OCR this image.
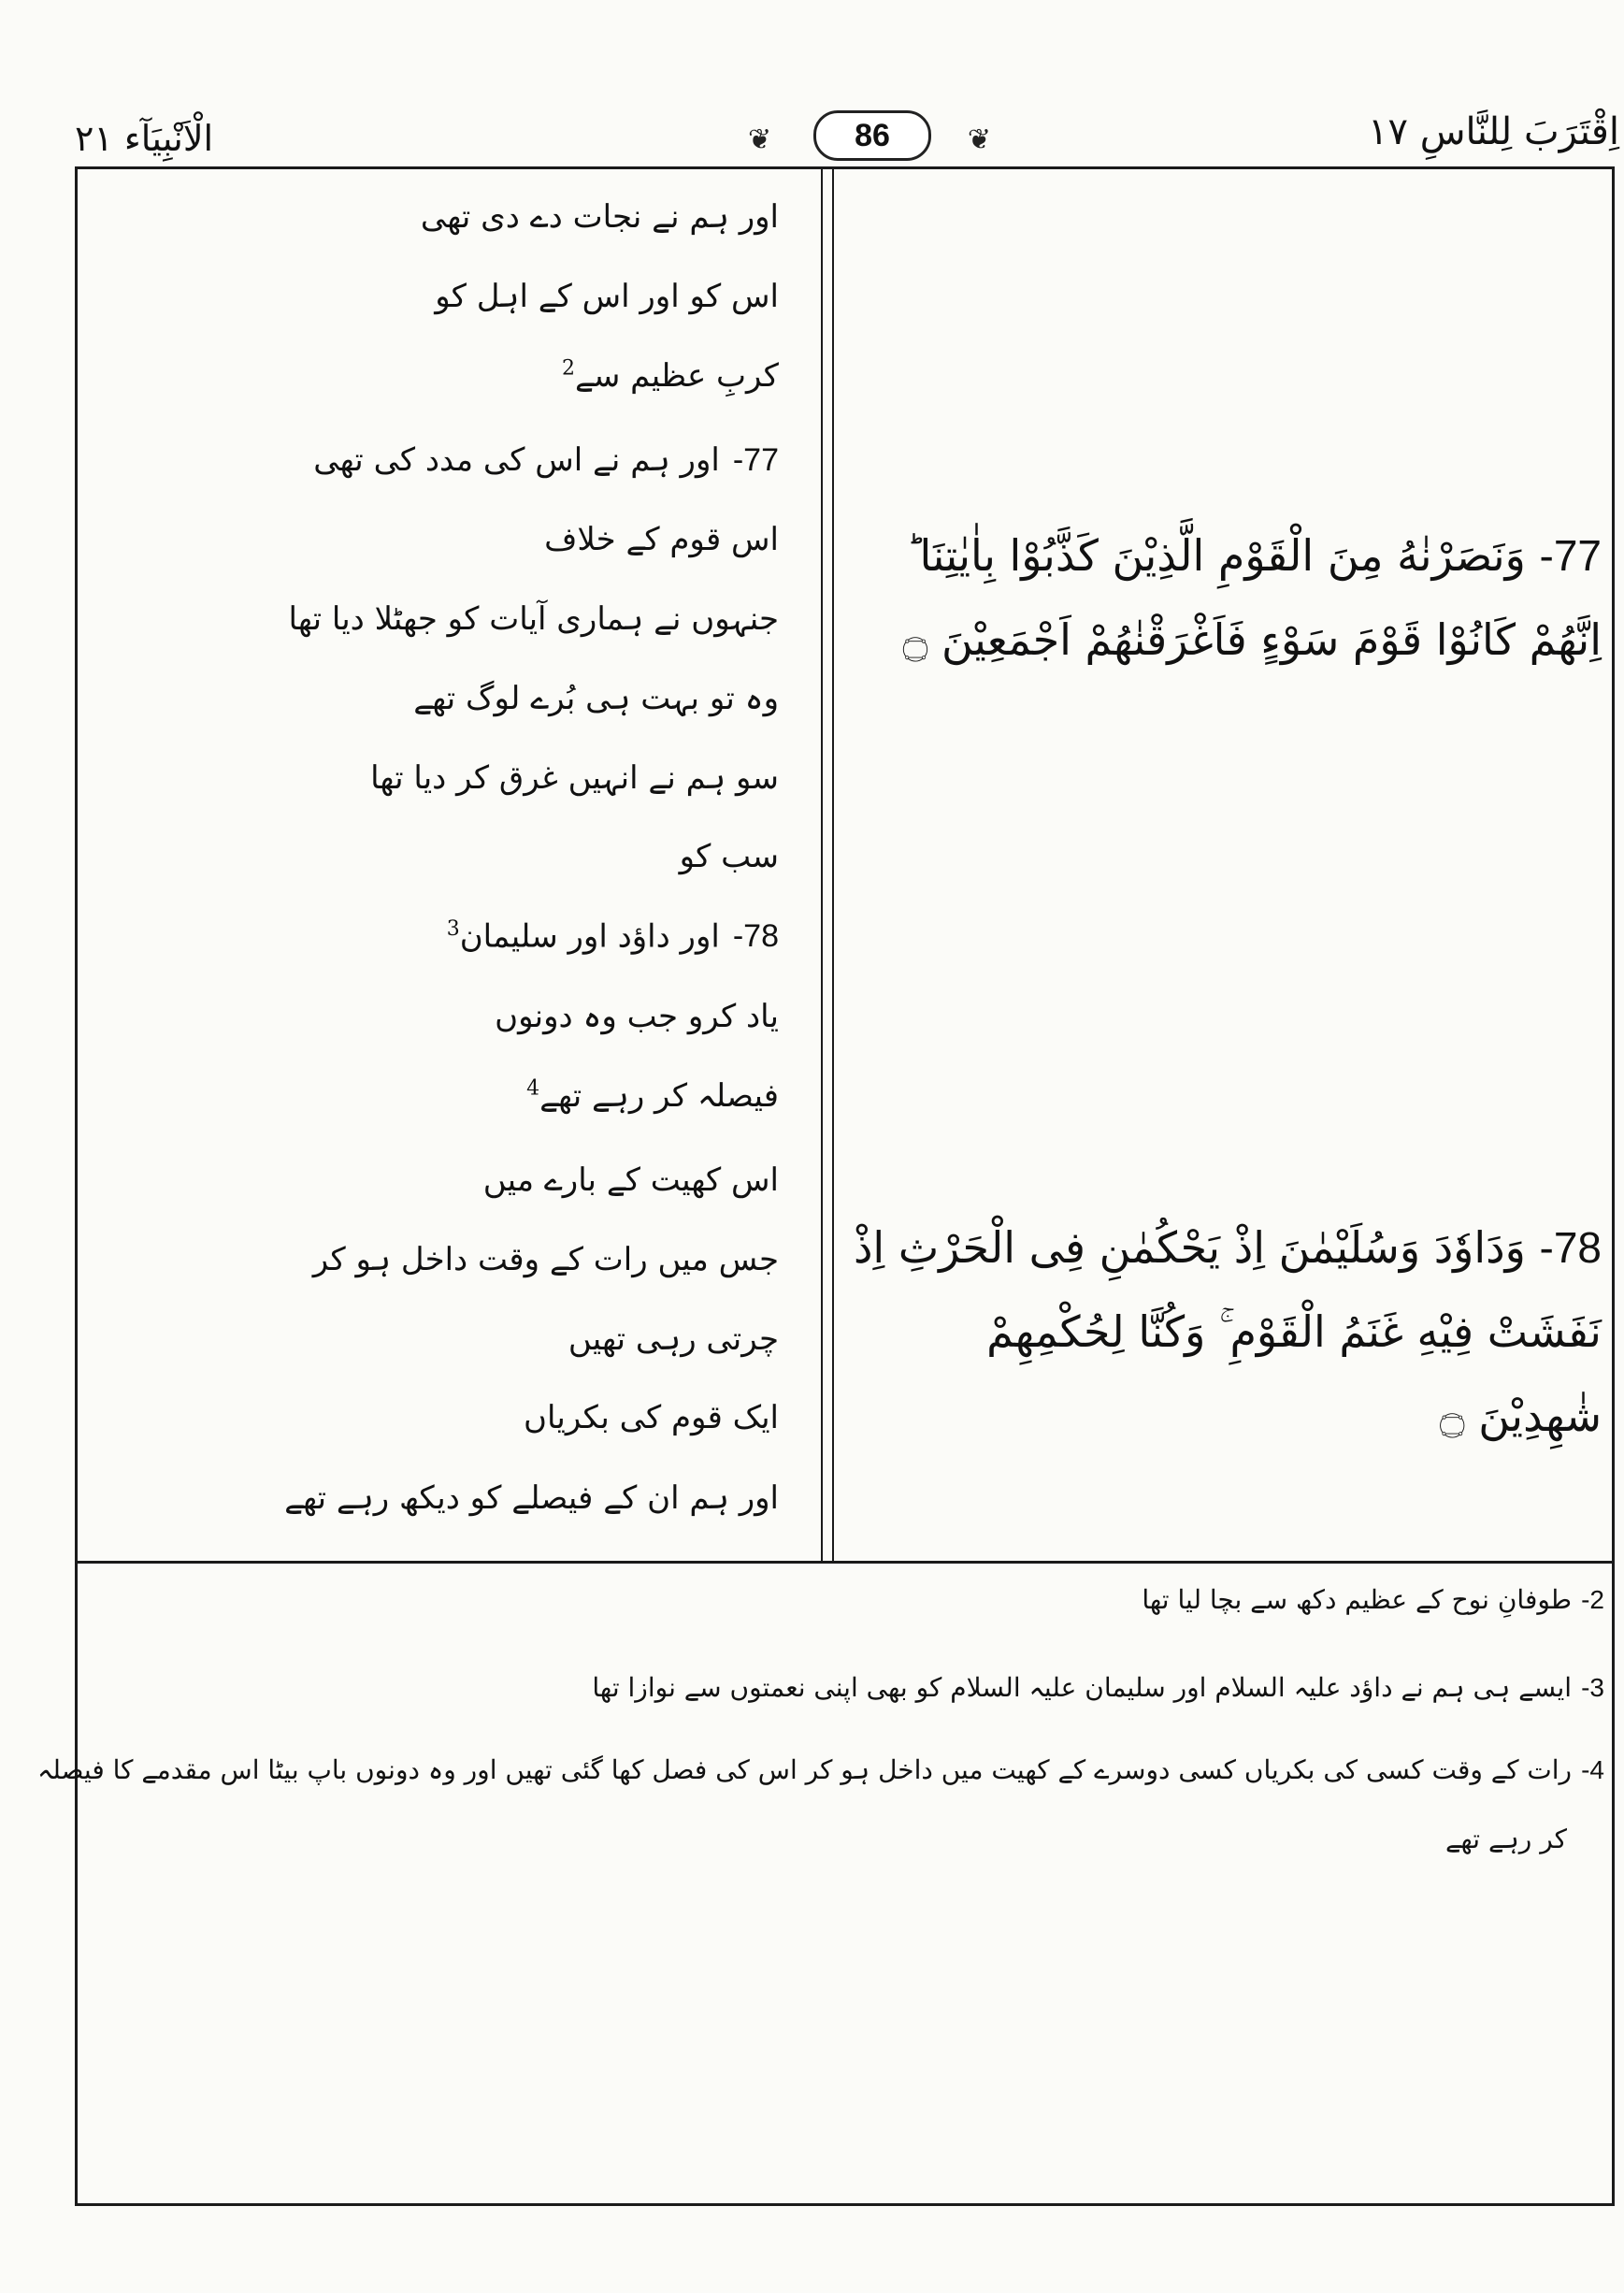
اِقْتَرَبَ لِلنَّاسِ ۱۷
❦	86	❦
الْاَنْبِيَآء ۲۱
77- وَنَصَرْنٰهُ مِنَ الْقَوْمِ الَّذِيْنَ كَذَّبُوْا بِاٰيٰتِنَا ؕ
اِنَّهُمْ كَانُوْا قَوْمَ سَوْءٍ فَاَغْرَقْنٰهُمْ اَجْمَعِيْنَ ۝
78- وَدَاوٗدَ وَسُلَيْمٰنَ اِذْ يَحْكُمٰنِ فِى الْحَرْثِ اِذْ
نَفَشَتْ فِيْهِ غَنَمُ الْقَوْمِ ۚ وَكُنَّا لِحُكْمِهِمْ
شٰهِدِيْنَ ۝
اور ہم نے نجات دے دی تھی
اس کو اور اس کے اہل کو
کربِ عظیم سے$^2$
77-اور ہم نے اس کی مدد کی تھی
اس قوم کے خلاف
جنہوں نے ہماری آیات کو جھٹلا دیا تھا
وہ تو بہت ہی بُرے لوگ تھے
سو ہم نے انہیں غرق کر دیا تھا
سب کو
78-اور داؤد اور سلیمان$^3$
یاد کرو جب وہ دونوں
فیصلہ کر رہے تھے$^4$
اس کھیت کے بارے میں
جس میں رات کے وقت داخل ہو کر
چرتی رہی تھیں
ایک قوم کی بکریاں
اور ہم ان کے فیصلے کو دیکھ رہے تھے
2-طوفانِ نوح کے عظیم دکھ سے بچا لیا تھا
3-ایسے ہی ہم نے داؤد علیہ السلام اور سلیمان علیہ السلام کو بھی اپنی نعمتوں سے نوازا تھا
4-رات کے وقت کسی کی بکریاں کسی دوسرے کے کھیت میں داخل ہو کر اس کی فصل کھا گئی تھیں اور وہ دونوں باپ بیٹا اس مقدمے کا فیصلہ
کر رہے تھے
